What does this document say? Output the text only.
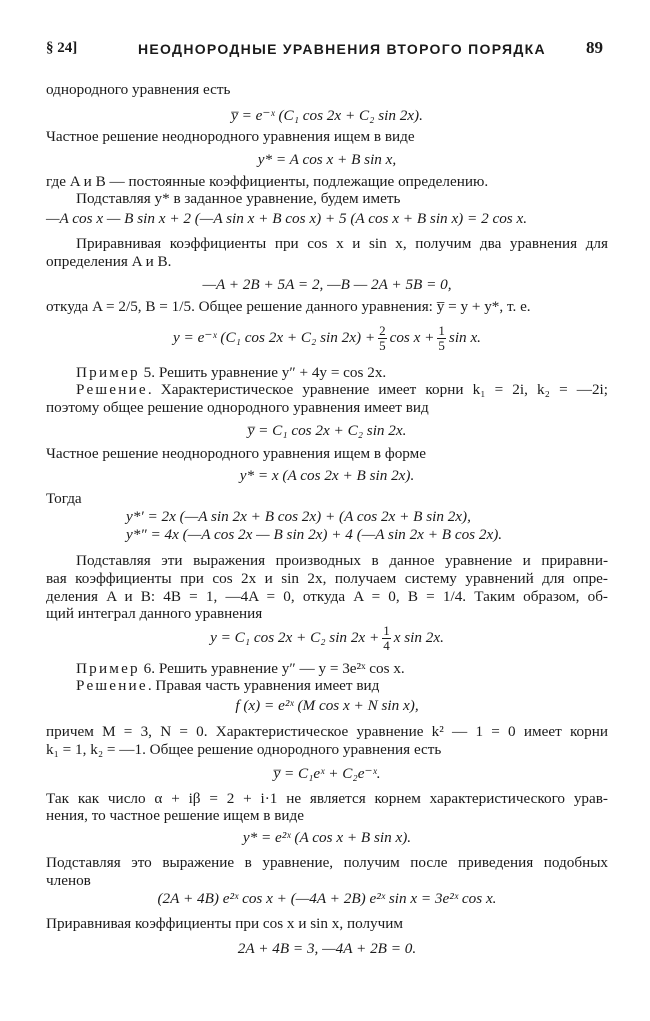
§ 24]	НЕОДНОРОДНЫЕ УРАВНЕНИЯ ВТОРОГО ПОРЯДКА 89
однородного уравнения есть
y̅ = e⁻ˣ (C₁ cos 2x + C₂ sin 2x).
Частное решение неоднородного уравнения ищем в виде
y* = A cos x + B sin x,
где A и B — постоянные коэффициенты, подлежащие определению.
Подставляя y* в заданное уравнение, будем иметь
—A cos x — B sin x + 2 (—A sin x + B cos x) + 5 (A cos x + B sin x) = 2 cos x.
Приравнивая коэффициенты при cos x и sin x, получим два уравнения для
определения A и B.
—A + 2B + 5A = 2, —B — 2A + 5B = 0,
откуда A = 2/5, B = 1/5. Общее решение данного уравнения: y̅ = y + y*, т. е.
y = e⁻ˣ (C₁ cos 2x + C₂ $\sin 2x) + \frac{2}{5}$ $\cos x + \frac{1}{5}$ sin x.
Пример 5. Решить уравнение y″ + 4y = cos 2x.
Решение. Характеристическое уравнение имеет корни k₁ = 2i, k₂ = —2i;
поэтому общее решение однородного уравнения имеет вид
y̅ = C₁ cos 2x + C₂ sin 2x.
Частное решение неоднородного уравнения ищем в форме
y* = x (A cos 2x + B sin 2x).
Тогда
y*′ = 2x (—A sin 2x + B cos 2x) + (A cos 2x + B sin 2x),
y*″ = 4x (—A cos 2x — B sin 2x) + 4 (—A sin 2x + B cos 2x).
Подставляя эти выражения производных в данное уравнение и приравни-
вая коэффициенты при cos 2x и sin 2x, получаем систему уравнений для опре-
деления A и B: 4B = 1, —4A = 0, откуда A = 0, B = 1/4. Таким образом, об-
щий интеграл данного уравнения
y = C₁ cos 2x + C₂ $\sin 2x + \frac{1}{4}$ x sin 2x.
Пример 6. Решить уравнение y″ — y = 3e²ˣ cos x.
Решение. Правая часть уравнения имеет вид
f (x) = e²ˣ (M cos x + N sin x),
причем M = 3, N = 0. Характеристическое уравнение k² — 1 = 0 имеет корни
k₁ = 1, k₂ = —1. Общее решение однородного уравнения есть
y̅ = C₁eˣ + C₂e⁻ˣ.
Так как число α + iβ = 2 + i·1 не является корнем характеристического урав-
нения, то частное решение ищем в виде
y* = e²ˣ (A cos x + B sin x).
Подставляя это выражение в уравнение, получим после приведения подобных
членов
(2A + 4B) e²ˣ cos x + (—4A + 2B) e²ˣ sin x = 3e²ˣ cos x.
Приравнивая коэффициенты при cos x и sin x, получим
2A + 4B = 3, —4A + 2B = 0.
